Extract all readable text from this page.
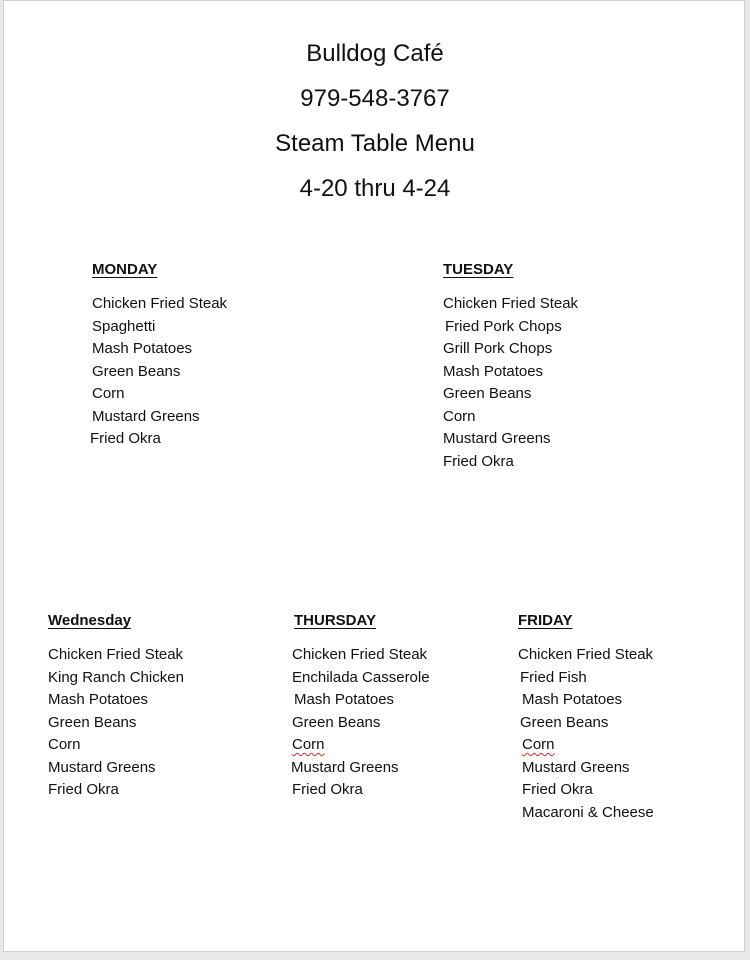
Bulldog Café
979-548-3767
Steam Table Menu
4-20 thru 4-24
MONDAY
Chicken Fried Steak
Spaghetti
Mash Potatoes
Green Beans
Corn
Mustard Greens
Fried Okra
TUESDAY
Chicken Fried Steak
Fried Pork Chops
Grill Pork Chops
Mash Potatoes
Green Beans
Corn
Mustard Greens
Fried Okra
Wednesday
Chicken Fried Steak
King Ranch Chicken
Mash Potatoes
Green Beans
Corn
Mustard Greens
Fried Okra
THURSDAY
Chicken Fried Steak
Enchilada Casserole
Mash Potatoes
Green Beans
Corn
Mustard Greens
Fried Okra
FRIDAY
Chicken Fried Steak
Fried Fish
Mash Potatoes
Green Beans
Corn
Mustard Greens
Fried Okra
Macaroni & Cheese
